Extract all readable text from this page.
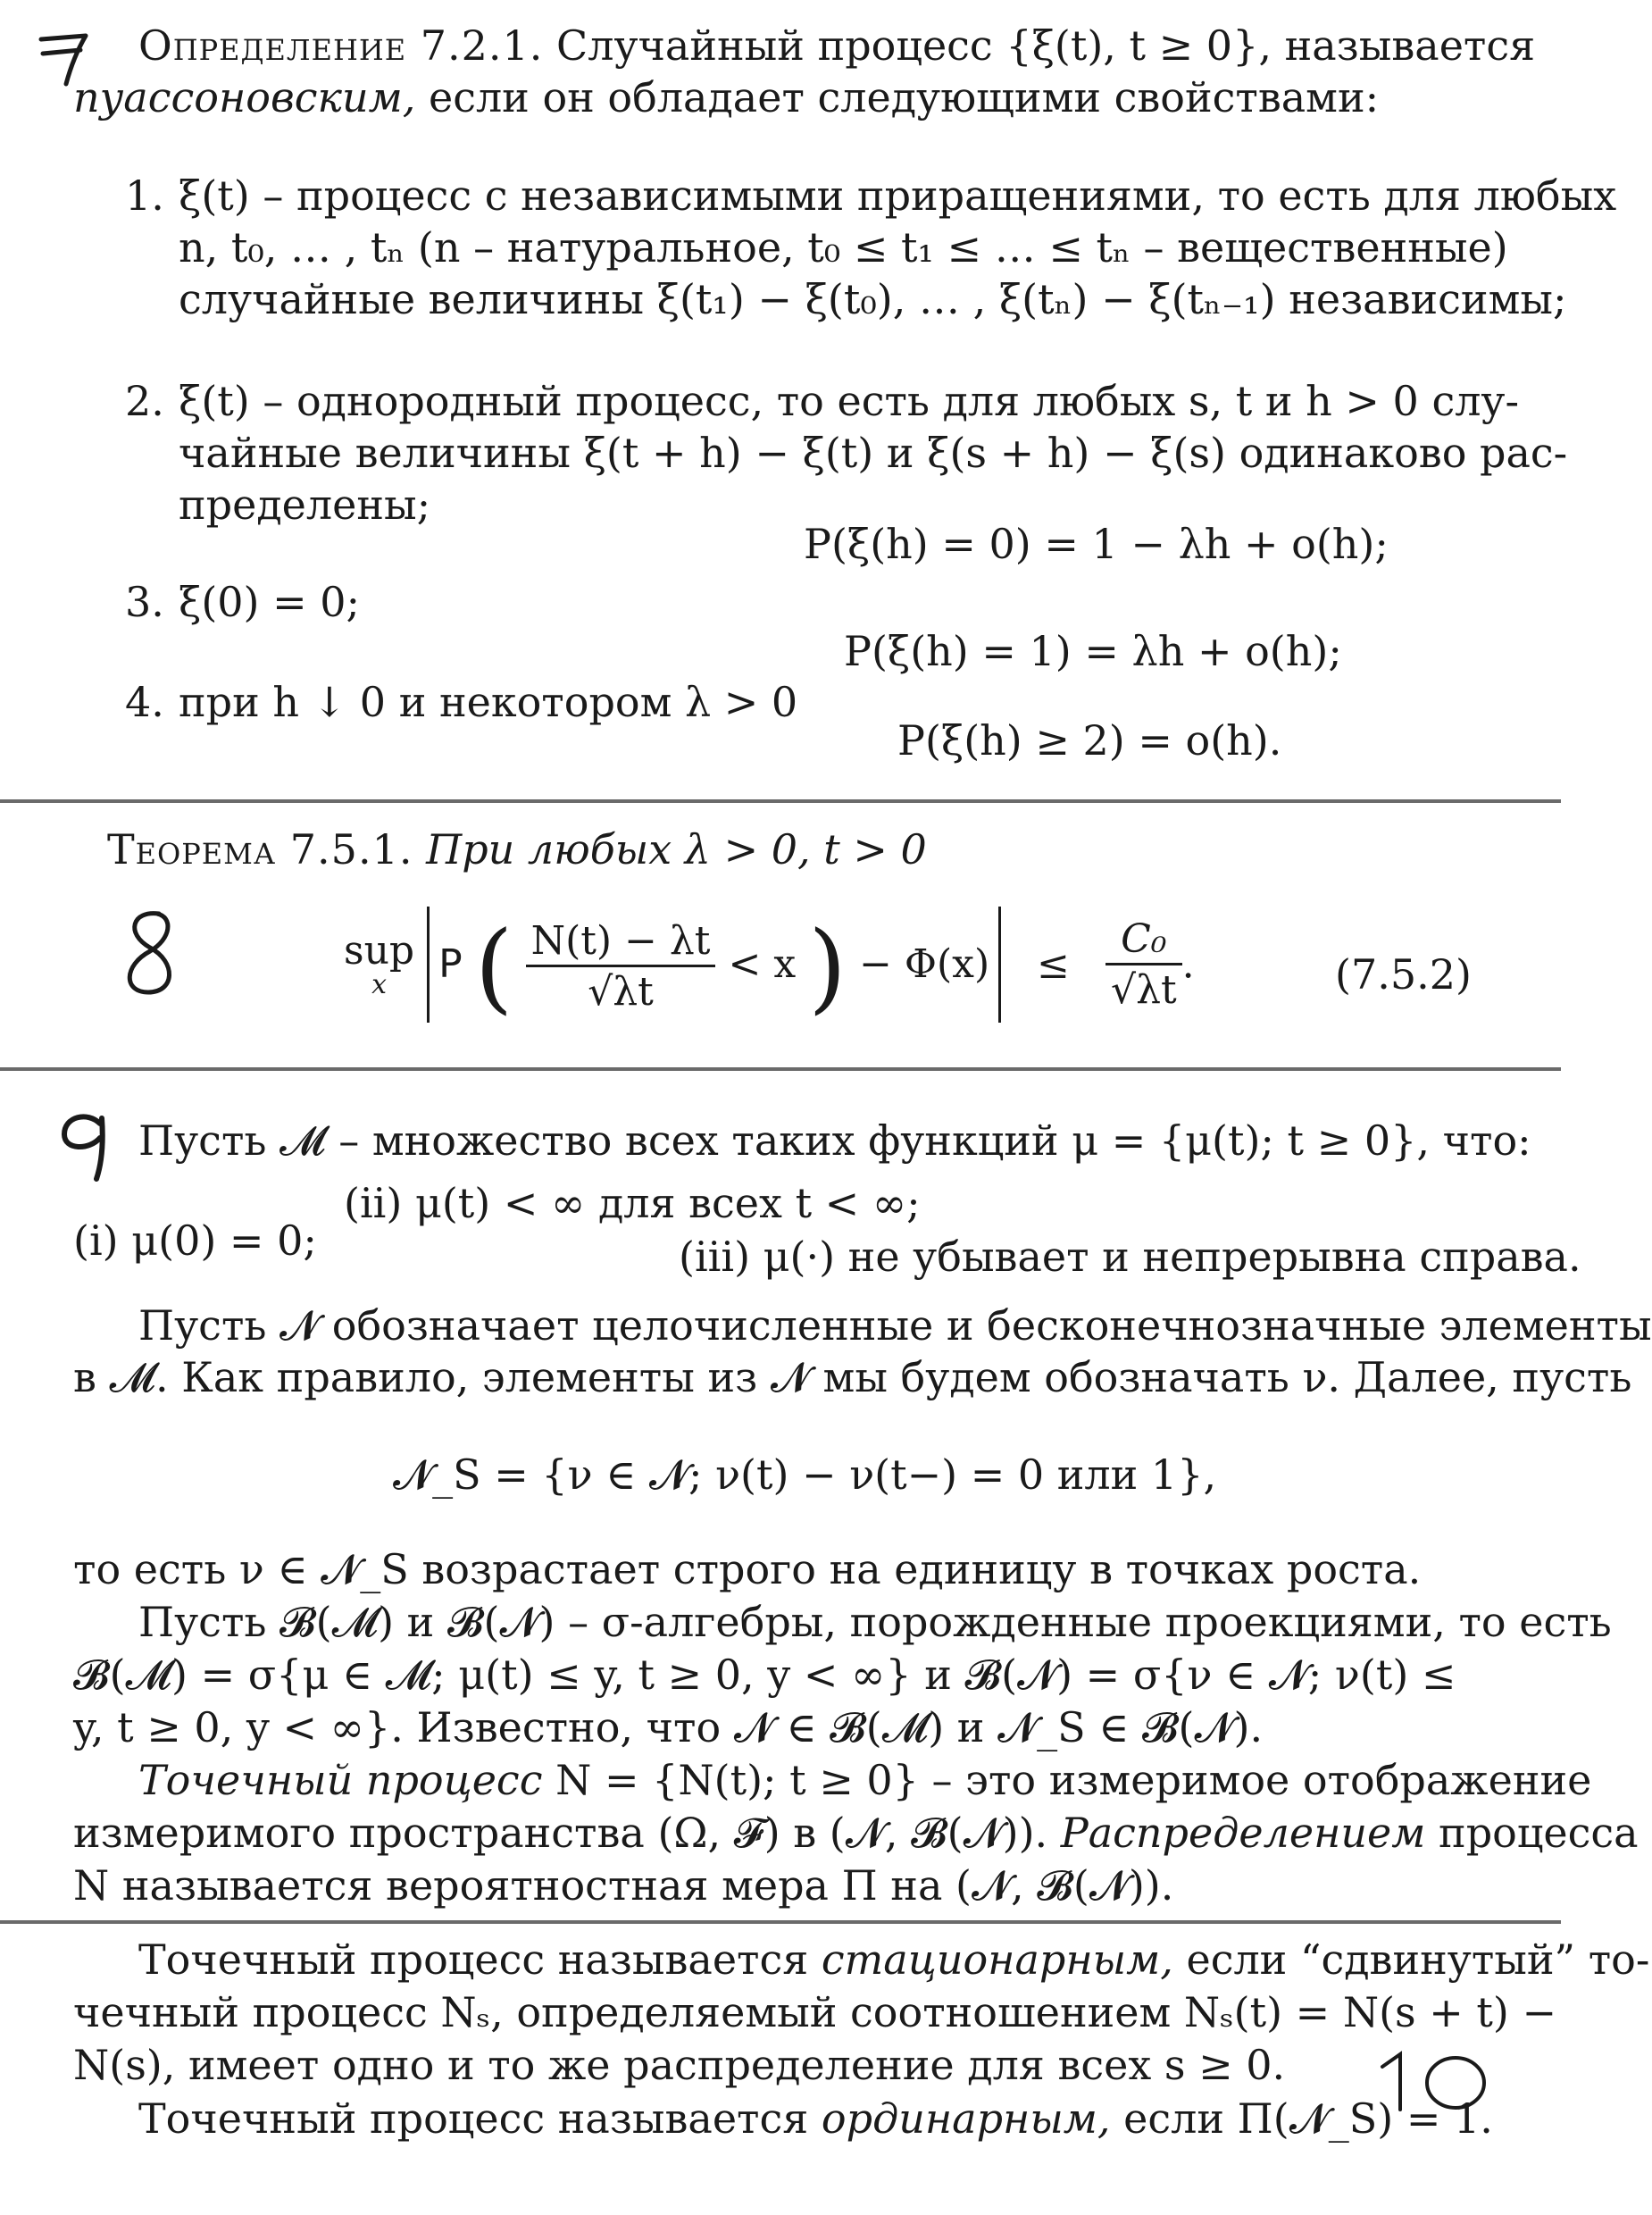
Определение 7.2.1. Случайный процесс {ξ(t), t ≥ 0}, называется
пуассоновским, если он обладает следующими свойствами:
1. ξ(t) – процесс с независимыми приращениями, то есть для любых
n, t₀, … , tₙ (n – натуральное, t₀ ≤ t₁ ≤ … ≤ tₙ – вещественные)
случайные величины ξ(t₁) − ξ(t₀), … , ξ(tₙ) − ξ(tₙ₋₁) независимы;
2. ξ(t) – однородный процесс, то есть для любых s, t и h > 0 слу-
чайные величины ξ(t + h) − ξ(t) и ξ(s + h) − ξ(s) одинаково рас-
пределены;
P(ξ(h) = 0) = 1 − λh + o(h);
3. ξ(0) = 0;
P(ξ(h) = 1) = λh + o(h);
4. при h ↓ 0 и некотором λ > 0
P(ξ(h) ≥ 2) = o(h).
Теорема 7.5.1. При любых λ > 0, t > 0
sup
x	P ( $\frac{N(t) - \lambda t}{√\lambda t} < x$ ) − $\Phi(x) \le \frac{\text{C₀}}{√\lambda t}$ .	(7.5.2)
Пусть 𝓜 – множество всех таких функций μ = {μ(t); t ≥ 0}, что:
(ii) μ(t) < ∞ для всех t < ∞;
(i) μ(0) = 0;	(iii) μ(·) не убывает и непрерывна справа.
Пусть 𝓝 обозначает целочисленные и бесконечнозначные элементы
в 𝓜. Как правило, элементы из 𝓝 мы будем обозначать ν. Далее, пусть
𝓝_S = {ν ∈ 𝓝; ν(t) − ν(t−) = 0 или 1},
то есть ν ∈ 𝓝_S возрастает строго на единицу в точках роста.
Пусть 𝓑(𝓜) и 𝓑(𝓝) – σ-алгебры, порожденные проекциями, то есть
𝓑(𝓜) = σ{μ ∈ 𝓜; μ(t) ≤ y, t ≥ 0, y < ∞} и 𝓑(𝓝) = σ{ν ∈ 𝓝; ν(t) ≤
y, t ≥ 0, y < ∞}. Известно, что 𝓝 ∈ 𝓑(𝓜) и 𝓝_S ∈ 𝓑(𝓝).
Точечный процесс N = {N(t); t ≥ 0} – это измеримое отображение
измеримого пространства (Ω, 𝓕) в (𝓝, 𝓑(𝓝)). Распределением процесса
N называется вероятностная мера Π на (𝓝, 𝓑(𝓝)).
Точечный процесс называется стационарным, если “сдвинутый” то-
чечный процесс Nₛ, определяемый соотношением Nₛ(t) = N(s + t) −
N(s), имеет одно и то же распределение для всех s ≥ 0.
Точечный процесс называется ординарным, если Π(𝓝_S) = 1.
